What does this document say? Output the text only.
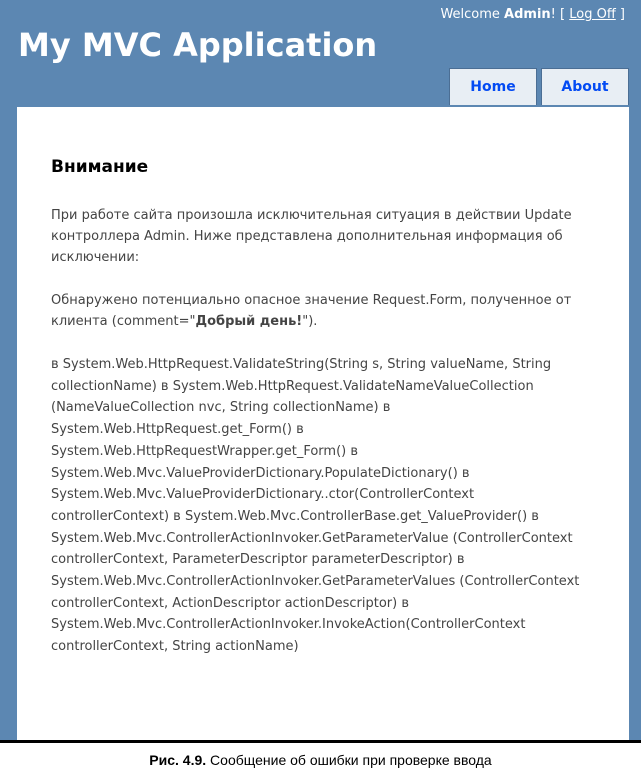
Welcome Admin! [ Log Off ]
My MVC Application
Home	About
Внимание

При работе сайта произошла исключительная ситуация в действии Update контроллера Admin. Ниже представлена дополнительная информация об исключении:

Обнаружено потенциально опасное значение Request.Form, полученное от клиента (comment="Добрый день!").

в System.Web.HttpRequest.ValidateString(String s, String valueName, String collectionName) в System.Web.HttpRequest.ValidateNameValueCollection (NameValueCollection nvc, String collectionName) в System.Web.HttpRequest.get_Form() в System.Web.HttpRequestWrapper.get_Form() в System.Web.Mvc.ValueProviderDictionary.PopulateDictionary() в System.Web.Mvc.ValueProviderDictionary..ctor(ControllerContext controllerContext) в System.Web.Mvc.ControllerBase.get_ValueProvider() в System.Web.Mvc.ControllerActionInvoker.GetParameterValue (ControllerContext controllerContext, ParameterDescriptor parameterDescriptor) в System.Web.Mvc.ControllerActionInvoker.GetParameterValues (ControllerContext controllerContext, ActionDescriptor actionDescriptor) в System.Web.Mvc.ControllerActionInvoker.InvokeAction(ControllerContext controllerContext, String actionName)

Рис. 4.9. Сообщение об ошибки при проверке ввода
